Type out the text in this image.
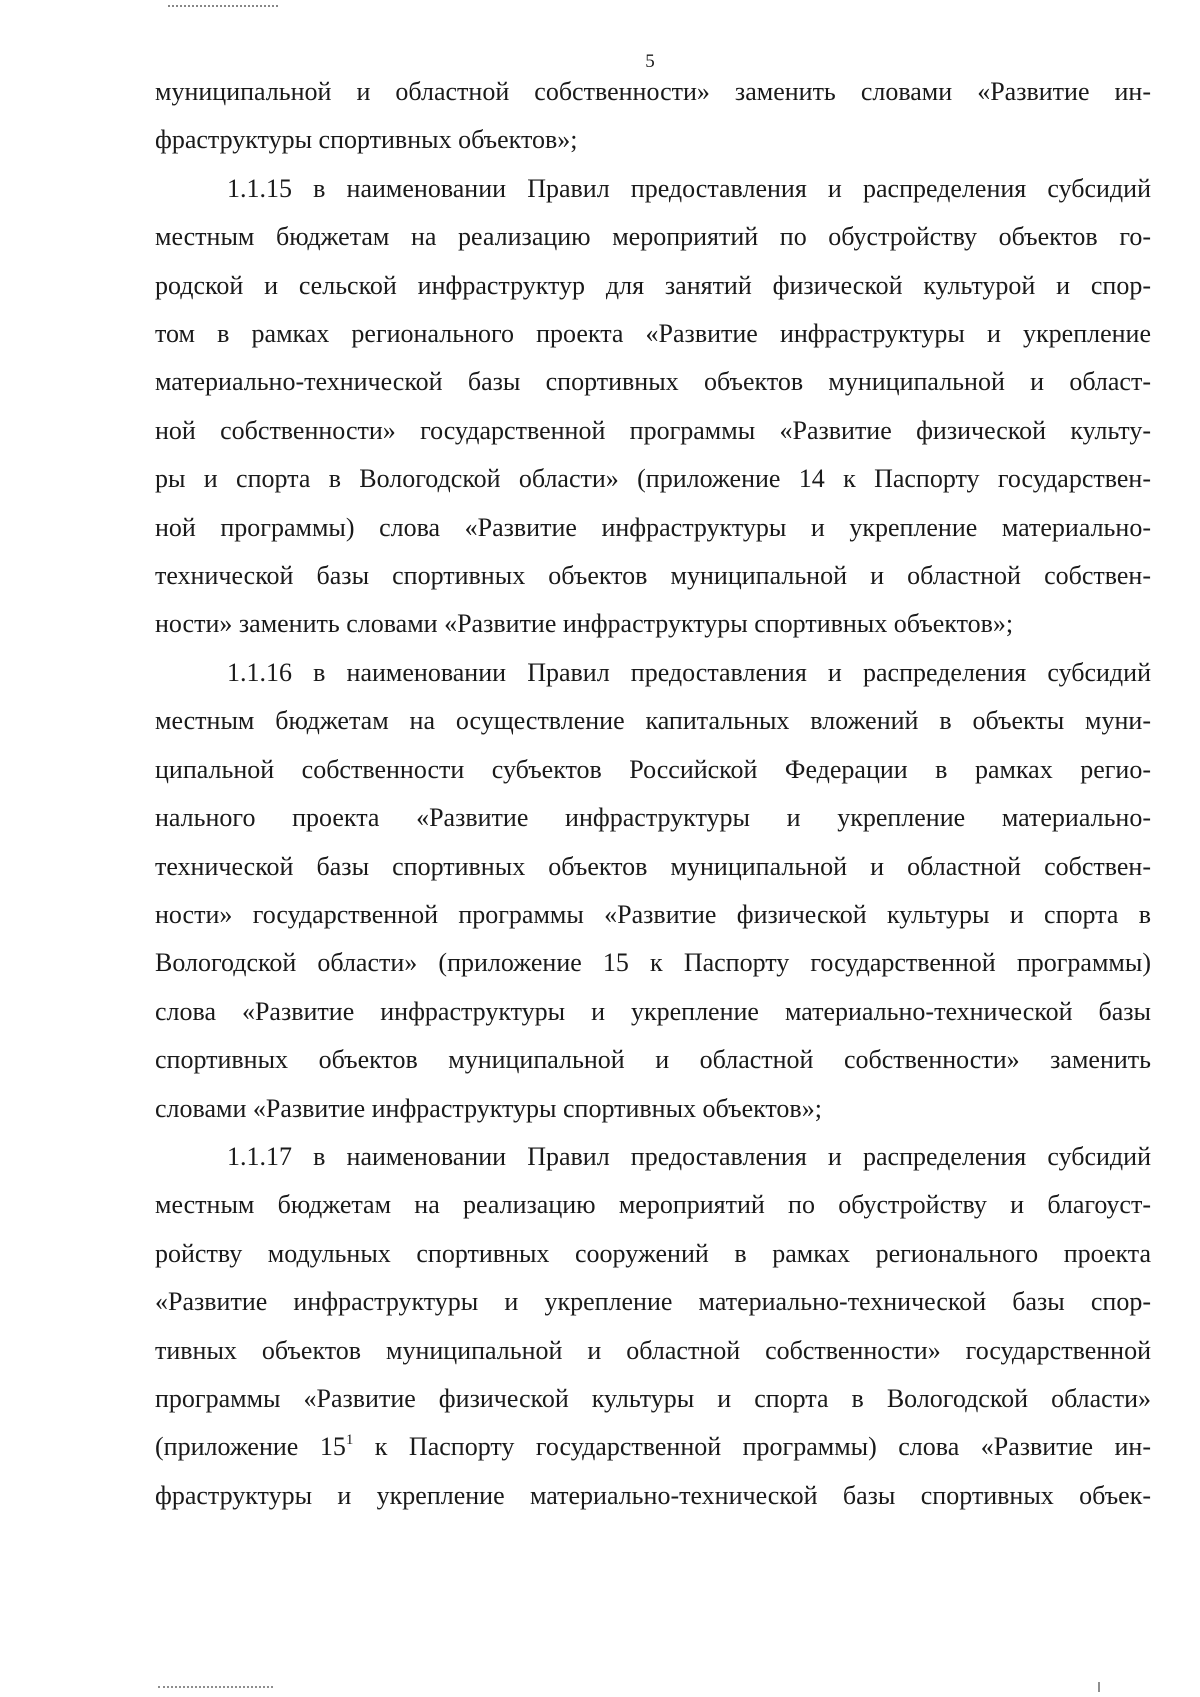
5

муниципальной и областной собственности» заменить словами «Развитие ин-
фраструктуры спортивных объектов»;

1.1.15 в наименовании Правил предоставления и распределения субсидий
местным бюджетам на реализацию мероприятий по обустройству объектов го-
родской и сельской инфраструктур для занятий физической культурой и спор-
том в рамках регионального проекта «Развитие инфраструктуры и укрепление
материально-технической базы спортивных объектов муниципальной и област-
ной собственности» государственной программы «Развитие физической культу-
ры и спорта в Вологодской области» (приложение 14 к Паспорту государствен-
ной программы) слова «Развитие инфраструктуры и укрепление материально-
технической базы спортивных объектов муниципальной и областной собствен-
ности» заменить словами «Развитие инфраструктуры спортивных объектов»;

1.1.16 в наименовании Правил предоставления и распределения субсидий
местным бюджетам на осуществление капитальных вложений в объекты муни-
ципальной собственности субъектов Российской Федерации в рамках регио-
нального проекта «Развитие инфраструктуры и укрепление материально-
технической базы спортивных объектов муниципальной и областной собствен-
ности» государственной программы «Развитие физической культуры и спорта в
Вологодской области» (приложение 15 к Паспорту государственной программы)
слова «Развитие инфраструктуры и укрепление материально-технической базы
спортивных объектов муниципальной и областной собственности» заменить
словами «Развитие инфраструктуры спортивных объектов»;

1.1.17 в наименовании Правил предоставления и распределения субсидий
местным бюджетам на реализацию мероприятий по обустройству и благоуст-
ройству модульных спортивных сооружений в рамках регионального проекта
«Развитие инфраструктуры и укрепление материально-технической базы спор-
тивных объектов муниципальной и областной собственности» государственной
программы «Развитие физической культуры и спорта в Вологодской области»
(приложение $15^1$ к Паспорту государственной программы) слова «Развитие ин-
фраструктуры и укрепление материально-технической базы спортивных объек-
